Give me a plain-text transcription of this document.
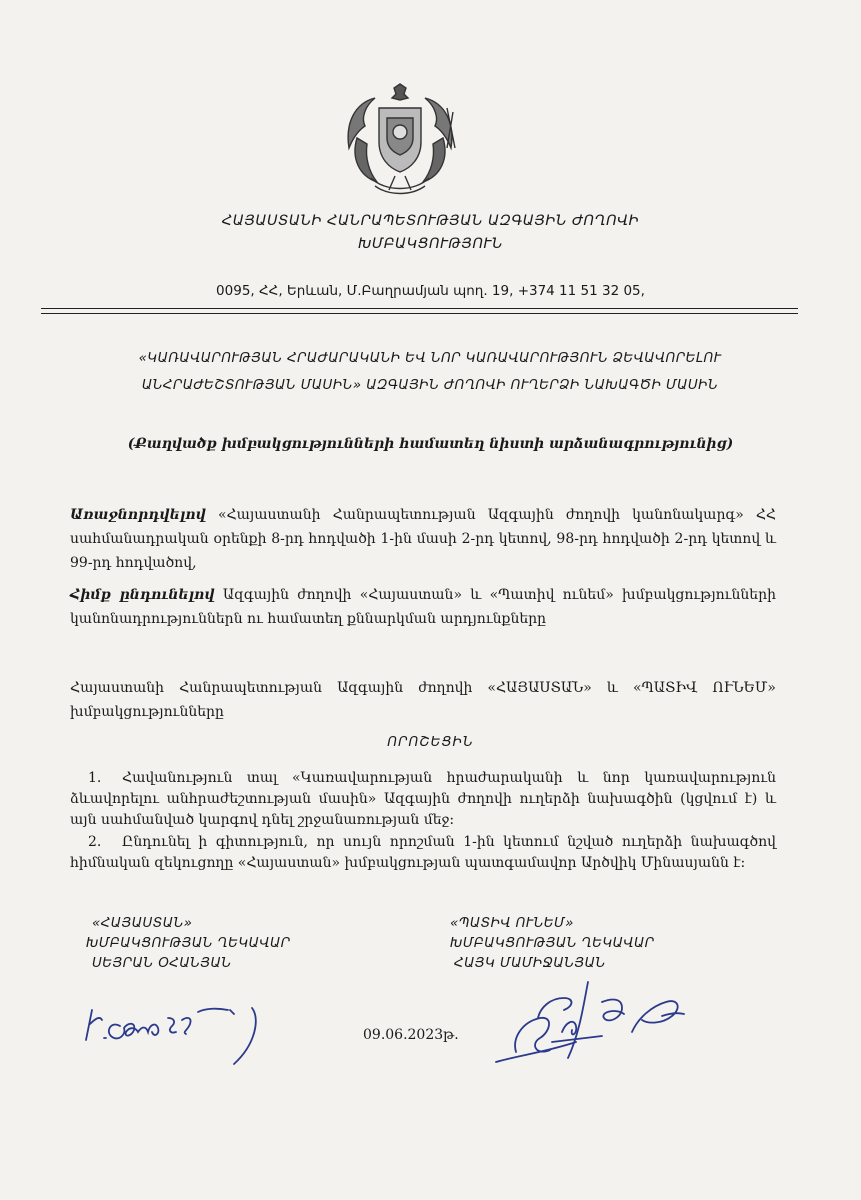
ՀԱՅԱՍՏԱՆԻ ՀԱՆՐԱՊԵՏՈՒԹՅԱՆ ԱԶԳԱՅԻՆ ԺՈՂՈՎԻ
ԽՄԲԱԿՑՈՒԹՅՈՒՆ
0095, ՀՀ, Երևան, Մ.Բաղրամյան պող. 19, +374 11 51 32 05,
«ԿԱՌԱՎԱՐՈՒԹՅԱՆ ՀՐԱԺԱՐԱԿԱՆԻ ԵՎ ՆՈՐ ԿԱՌԱՎԱՐՈՒԹՅՈՒՆ ՁԵՎԱՎՈՐԵԼՈՒ
ԱՆՀՐԱԺԵՇՏՈՒԹՅԱՆ ՄԱՍԻՆ» ԱԶԳԱՅԻՆ ԺՈՂՈՎԻ ՈՒՂԵՐՁԻ ՆԱԽԱԳԾԻ ՄԱՍԻՆ
(Քաղվածք խմբակցությունների համատեղ նիստի արձանագրությունից)
Առաջնորդվելով «Հայաստանի Հանրապետության Ազգային ժողովի կանոնակարգ» ՀՀ սահմանադրական օրենքի 8-րդ հոդվածի 1-ին մասի 2-րդ կետով, 98-րդ հոդվածի 2-րդ կետով և 99-րդ հոդվածով,
Հիմք ընդունելով Ազգային ժողովի «Հայաստան» և «Պատիվ ունեմ» խմբակցությունների կանոնադրություններն ու համատեղ քննարկման արդյունքները
Հայաստանի Հանրապետության Ազգային ժողովի «ՀԱՅԱՍՏԱՆ» և «ՊԱՏԻՎ ՈՒՆԵՄ» խմբակցությունները
ՈՐՈՇԵՑԻՆ
1. Հավանություն տալ «Կառավարության հրաժարականի և նոր կառավարություն ձևավորելու անհրաժեշտության մասին» Ազգային ժողովի ուղերձի նախագծին (կցվում է) և այն սահմանված կարգով դնել շրջանառության մեջ:
2. Ընդունել ի գիտություն, որ սույն որոշման 1-ին կետում նշված ուղերձի նախագծով հիմնական զեկուցողը «Հայաստան» խմբակցության պատգամավոր Արծվիկ Մինասյանն է:
«ՀԱՅԱՍՏԱՆ»
ԽՄԲԱԿՑՈՒԹՅԱՆ ՂԵԿԱՎԱՐ
ՍԵՅՐԱՆ ՕՀԱՆՅԱՆ
«ՊԱՏԻՎ ՈՒՆԵՄ»
ԽՄԲԱԿՑՈՒԹՅԱՆ ՂԵԿԱՎԱՐ
ՀԱՅԿ ՄԱՄԻՋԱՆՅԱՆ
09.06.2023թ.
